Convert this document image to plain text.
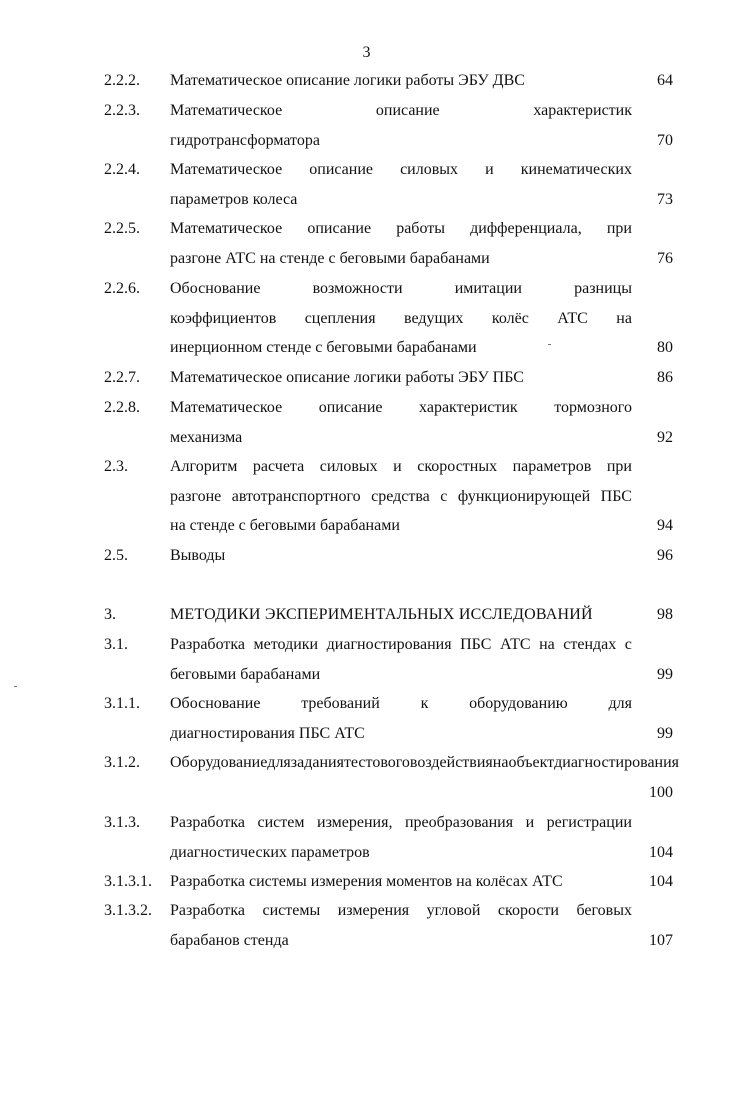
3
2.2.2. Математическое описание логики работы ЭБУ ДВС	64
2.2.3. Математическое	описание	характеристик
гидротрансформатора	70
2.2.4. Математическое описание силовых и кинематических
параметров колеса	73
2.2.5. Математическое описание работы дифференциала, при
разгоне АТС на стенде с беговыми барабанами	76
2.2.6. Обоснование	возможности	имитации	разницы
коэффициентов сцепления ведущих колёс АТС на
инерционном стенде с беговыми барабанами	80
2.2.7. Математическое описание логики работы ЭБУ ПБС	86
2.2.8. Математическое описание характеристик тормозного
механизма	92
2.3.	Алгоритм расчета силовых и скоростных параметров при
разгоне автотранспортного средства с функционирующей ПБС
на стенде с беговыми барабанами	94
2.5.	Выводы	96
3.	МЕТОДИКИ ЭКСПЕРИМЕНТАЛЬНЫХ ИССЛЕДОВАНИЙ	98
3.1.	Разработка методики диагностирования ПБС АТС на стендах с
беговыми барабанами	99
3.1.1. Обоснование	требований	к	оборудованию	для
диагностирования ПБС АТС	99
3.1.2. Оборудование для задания тестового воздействия на объект диагностирования
100
3.1.3. Разработка систем измерения, преобразования и регистрации
диагностических параметров	104
3.1.3.1. Разработка системы измерения моментов на колёсах АТС	104
3.1.3.2. Разработка системы измерения угловой скорости беговых
барабанов стенда	107
